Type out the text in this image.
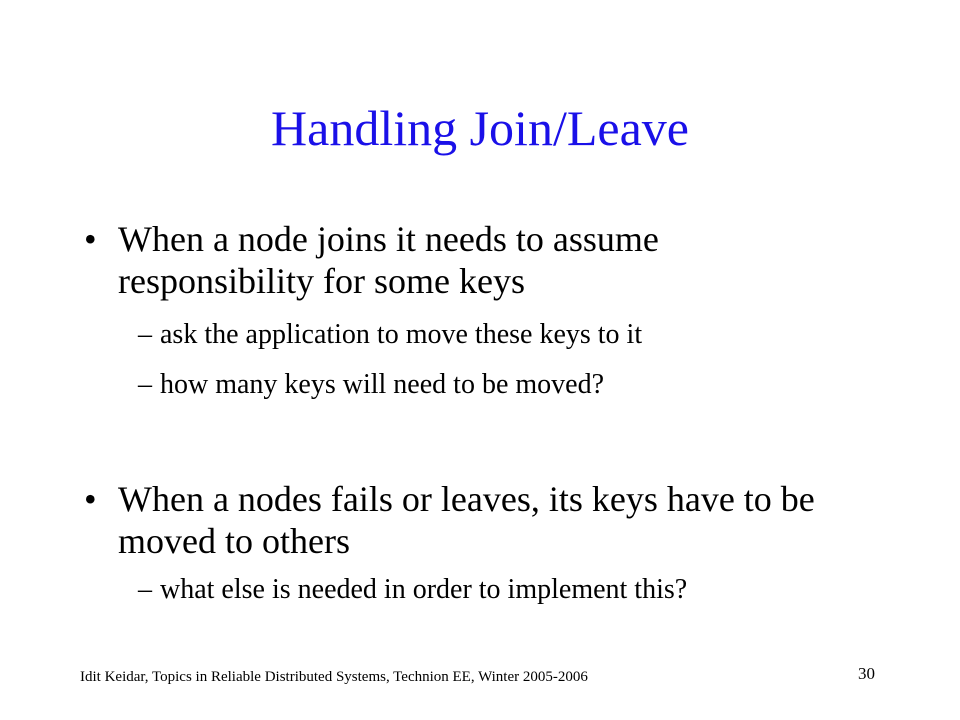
Handling Join/Leave
• When a node joins it needs to assume responsibility for some keys
– ask the application to move these keys to it
– how many keys will need to be moved?
• When a nodes fails or leaves, its keys have to be moved to others
– what else is needed in order to implement this?
Idit Keidar, Topics in Reliable Distributed Systems, Technion EE, Winter 2005-2006	30
